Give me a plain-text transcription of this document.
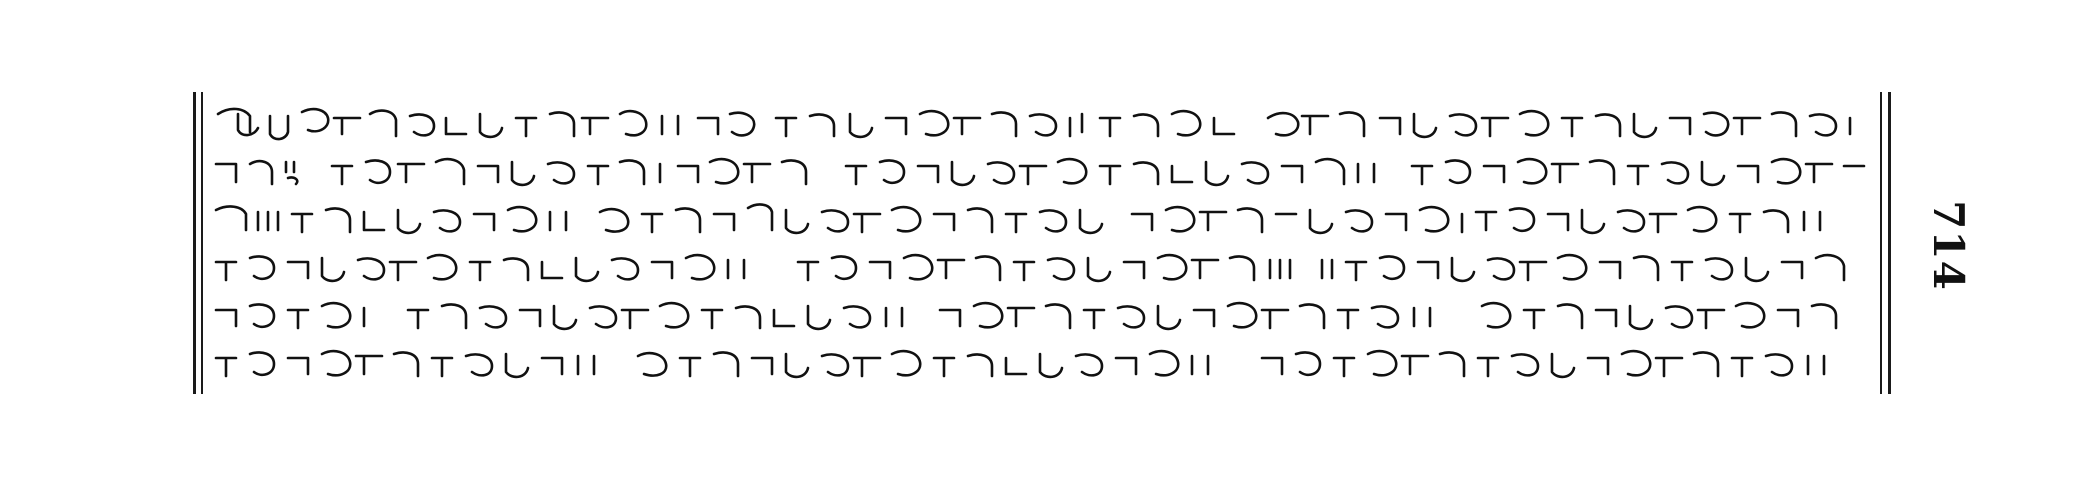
714
